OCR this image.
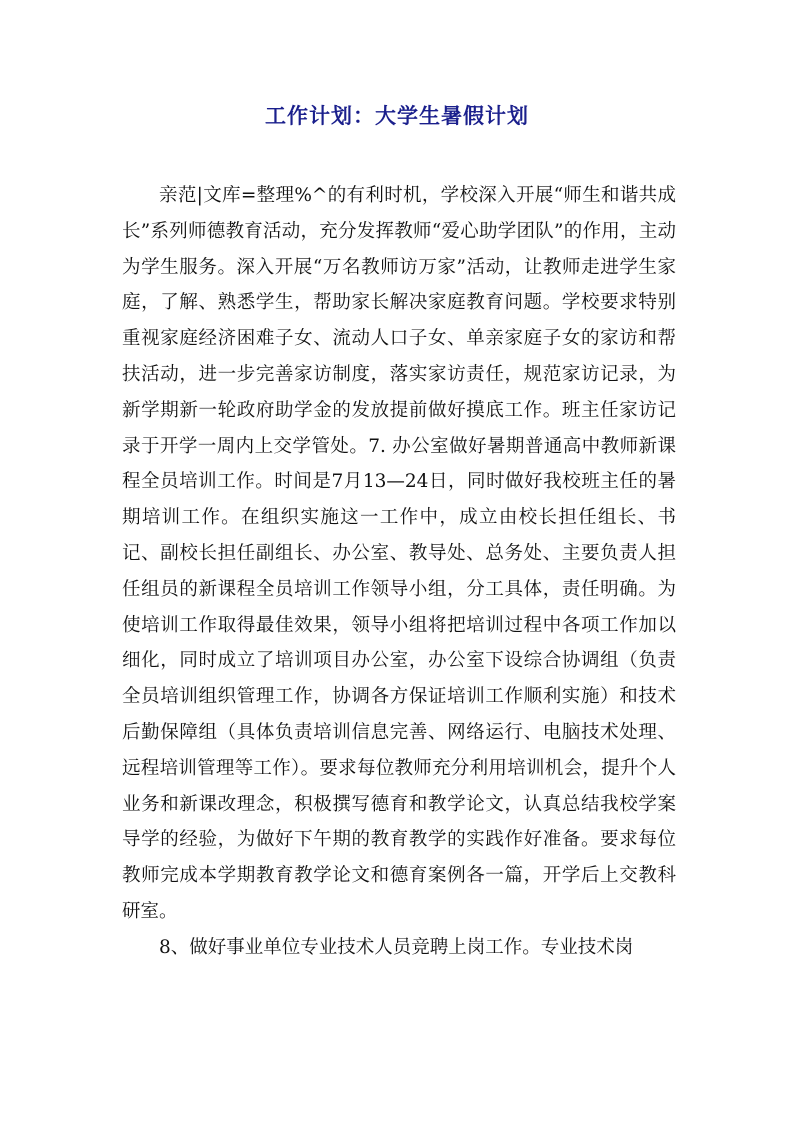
工作计划：大学生暑假计划

亲范|文库=整理%^的有利时机，学校深入开展“师生和谐共成长”系列师德教育活动，充分发挥教师“爱心助学团队”的作用，主动为学生服务。深入开展“万名教师访万家”活动，让教师走进学生家庭，了解、熟悉学生，帮助家长解决家庭教育问题。学校要求特别重视家庭经济困难子女、流动人口子女、单亲家庭子女的家访和帮扶活动，进一步完善家访制度，落实家访责任，规范家访记录，为新学期新一轮政府助学金的发放提前做好摸底工作。班主任家访记录于开学一周内上交学管处。7. 办公室做好暑期普通高中教师新课程全员培训工作。时间是7月13—24日，同时做好我校班主任的暑期培训工作。在组织实施这一工作中，成立由校长担任组长、书记、副校长担任副组长、办公室、教导处、总务处、主要负责人担任组员的新课程全员培训工作领导小组，分工具体，责任明确。为使培训工作取得最佳效果，领导小组将把培训过程中各项工作加以细化，同时成立了培训项目办公室，办公室下设综合协调组（负责全员培训组织管理工作，协调各方保证培训工作顺利实施）和技术后勤保障组（具体负责培训信息完善、网络运行、电脑技术处理、远程培训管理等工作）。要求每位教师充分利用培训机会，提升个人业务和新课改理念，积极撰写德育和教学论文，认真总结我校学案导学的经验，为做好下午期的教育教学的实践作好准备。要求每位教师完成本学期教育教学论文和德育案例各一篇，开学后上交教科研室。

8、做好事业单位专业技术人员竞聘上岗工作。专业技术岗
